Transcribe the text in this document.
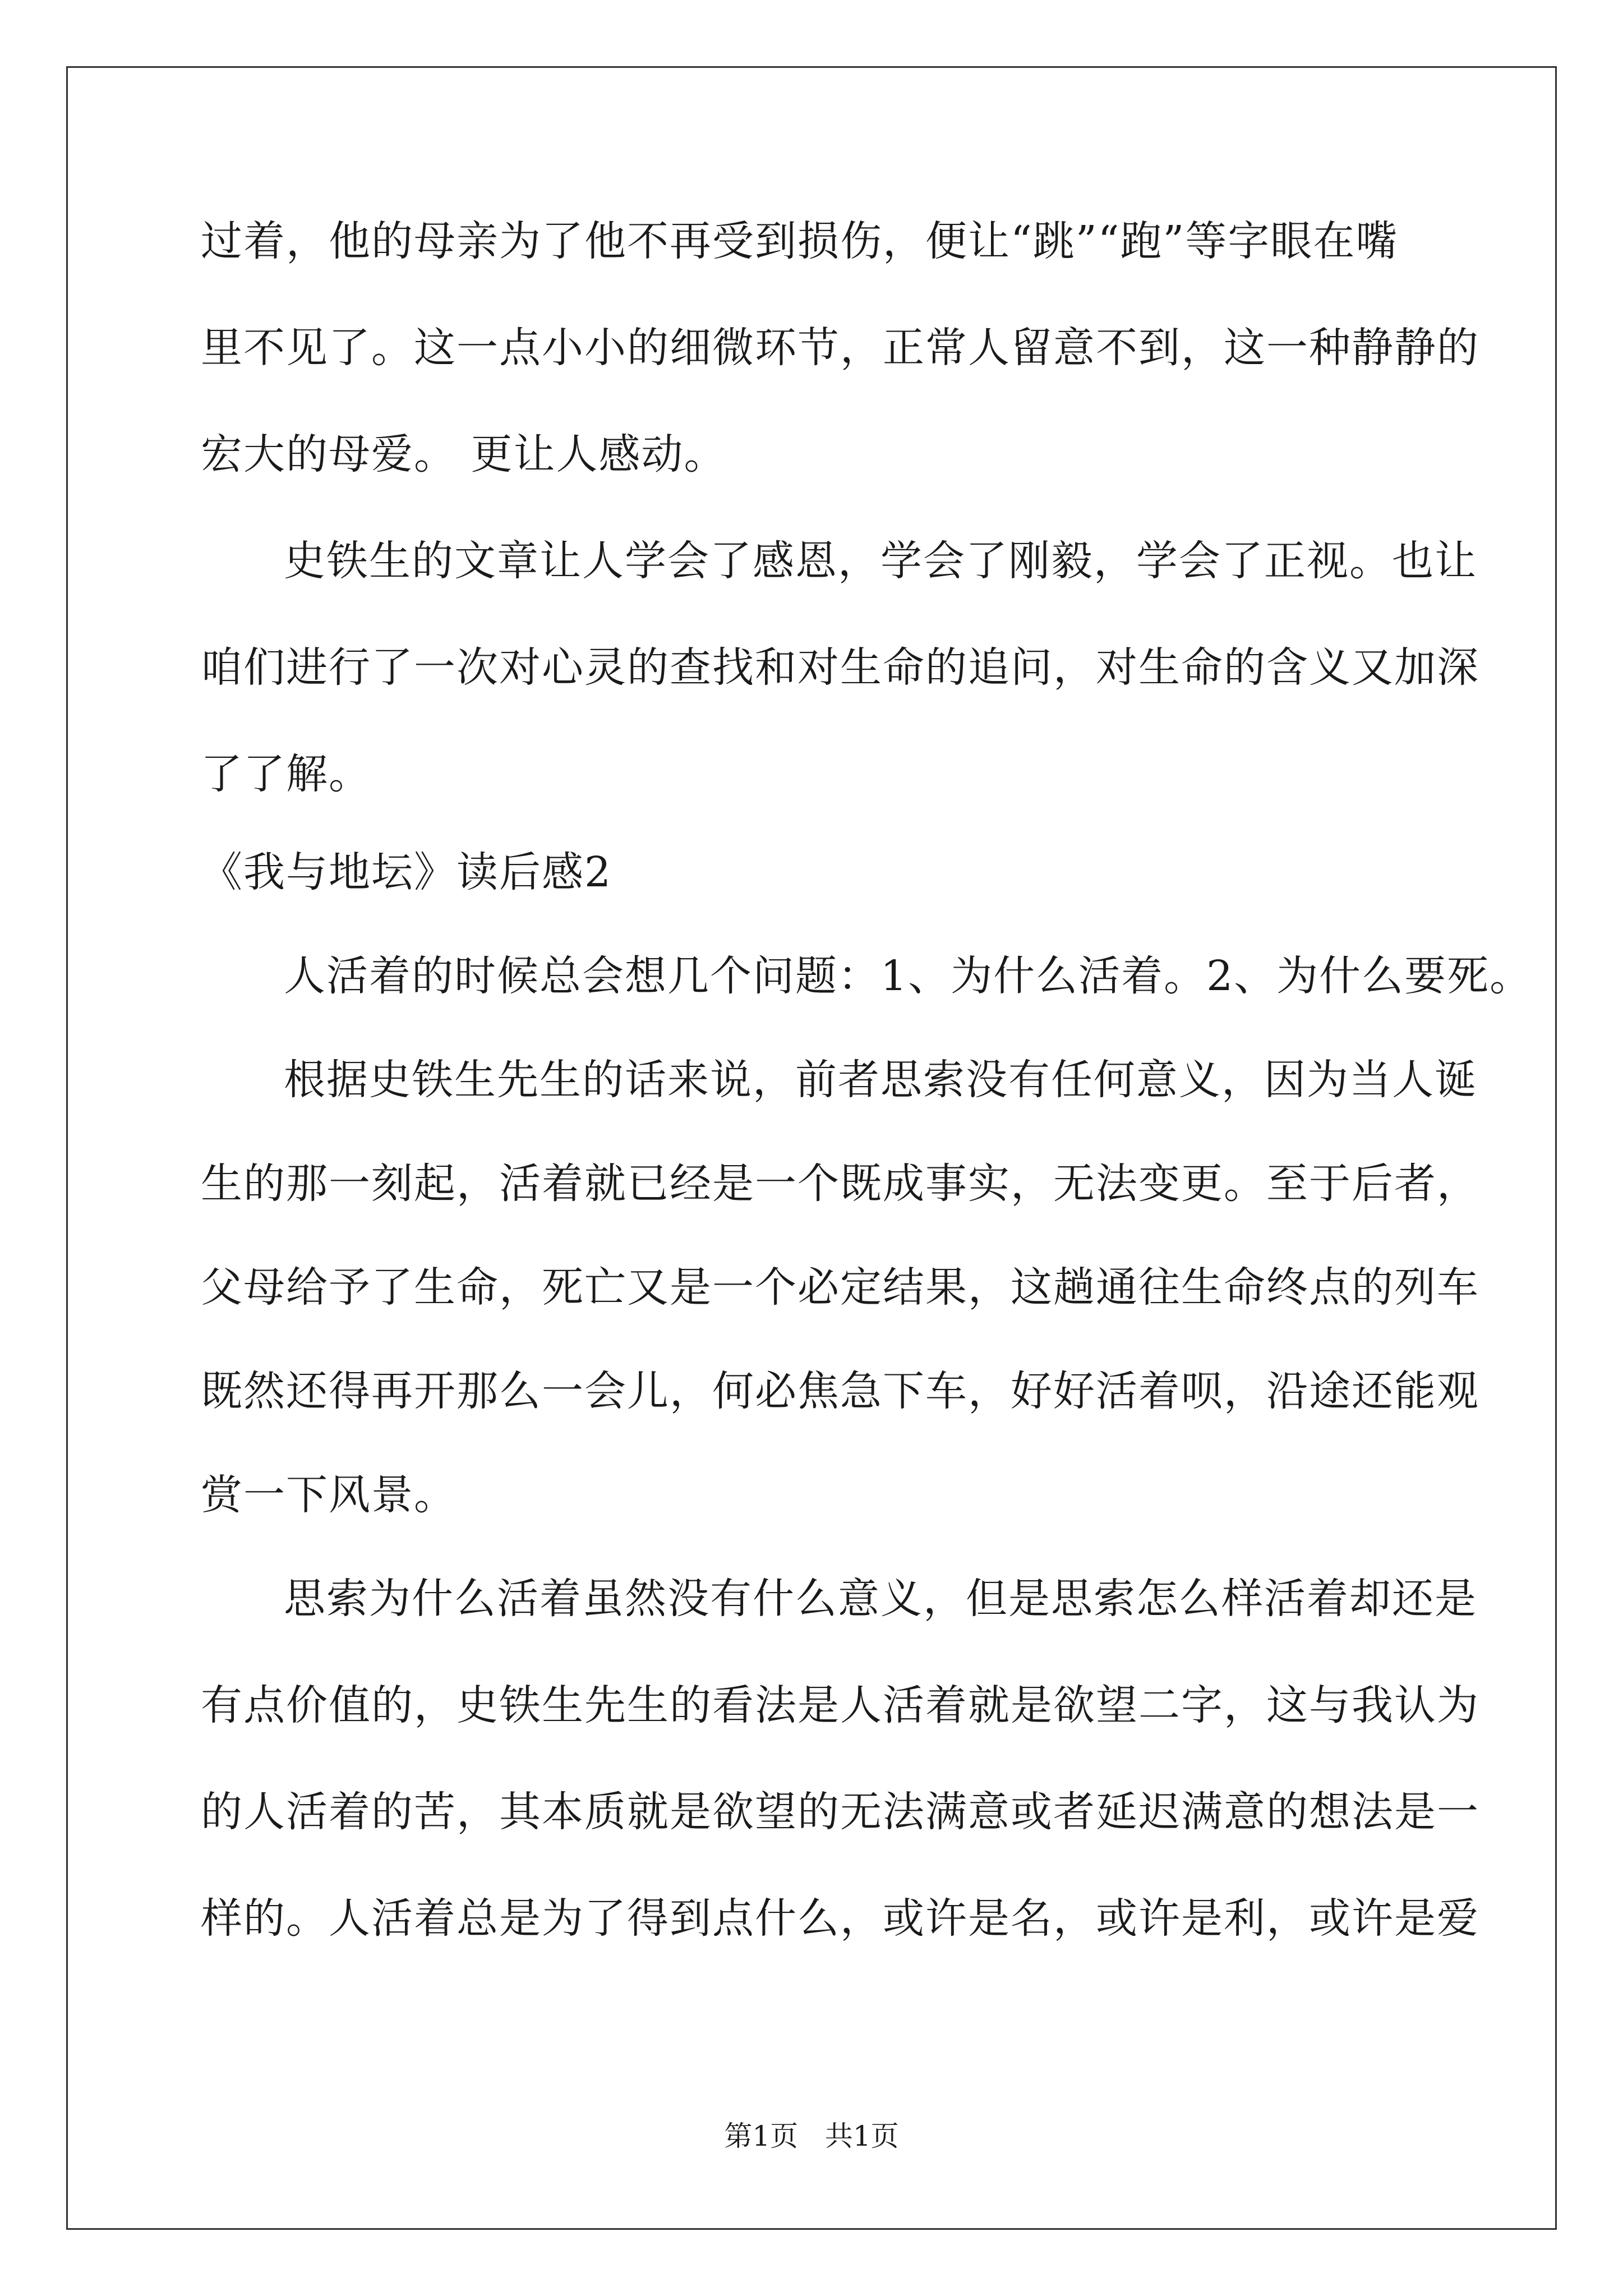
过着，他的母亲为了他不再受到损伤，便让“跳”“跑”等字眼在嘴
里不见了。这一点小小的细微环节，正常人留意不到，这一种静静的
宏大的母爱。 更让人感动。
史铁生的文章让人学会了感恩，学会了刚毅，学会了正视。也让
咱们进行了一次对心灵的查找和对生命的追问，对生命的含义又加深
了了解。
《我与地坛》读后感2
人活着的时候总会想几个问题：1、为什么活着。2、为什么要死。
根据史铁生先生的话来说，前者思索没有任何意义，因为当人诞
生的那一刻起，活着就已经是一个既成事实，无法变更。至于后者，
父母给予了生命，死亡又是一个必定结果，这趟通往生命终点的列车
既然还得再开那么一会儿，何必焦急下车，好好活着呗，沿途还能观
赏一下风景。
思索为什么活着虽然没有什么意义，但是思索怎么样活着却还是
有点价值的，史铁生先生的看法是人活着就是欲望二字，这与我认为
的人活着的苦，其本质就是欲望的无法满意或者延迟满意的想法是一
样的。人活着总是为了得到点什么，或许是名，或许是利，或许是爱
第1页 共1页
